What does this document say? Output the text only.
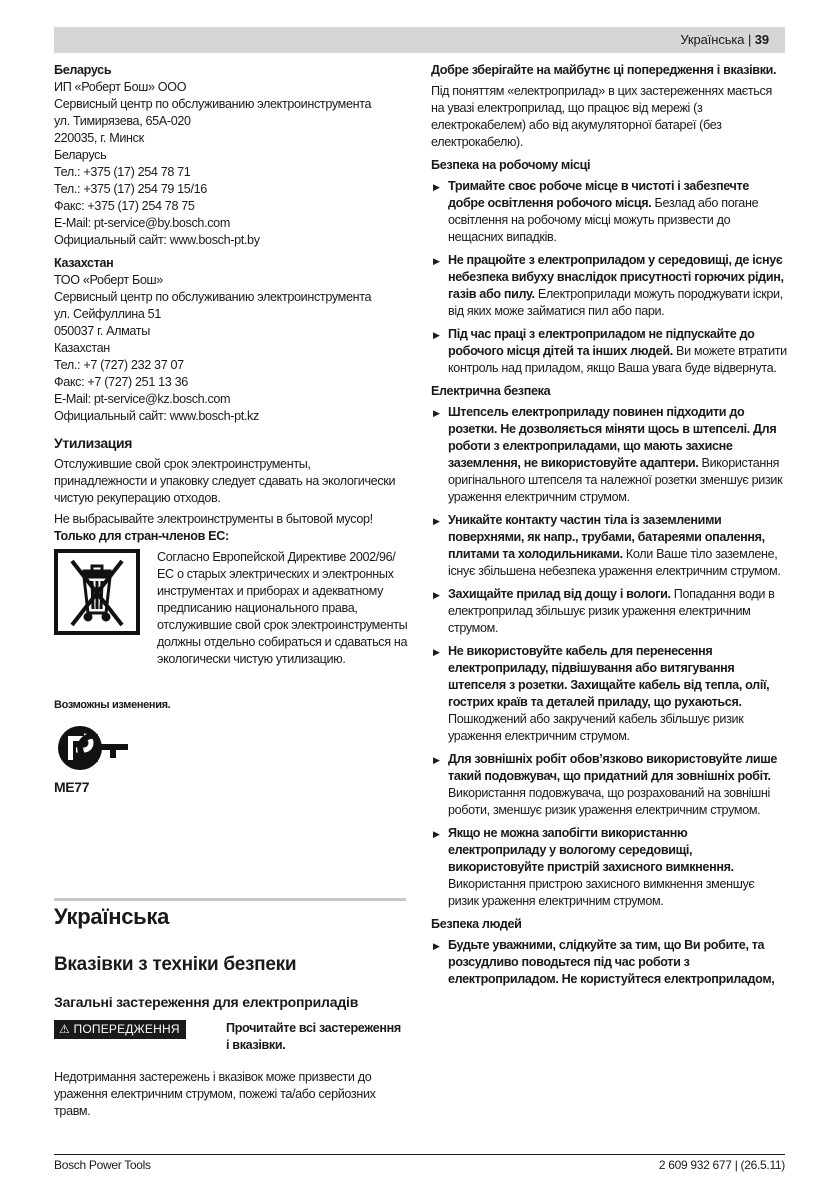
Українська | 39

Беларусь

ИП «Роберт Бош» ООО
Сервисный центр по обслуживанию электроинструмента
ул. Тимирязева, 65А-020
220035, г. Минск
Беларусь
Тел.: +375 (17) 254 78 71
Тел.: +375 (17) 254 79 15/16
Факс: +375 (17) 254 78 75
E-Mail: pt-service@by.bosch.com
Официальный сайт: www.bosch-pt.by

Казахстан

ТОО «Роберт Бош»
Сервисный центр по обслуживанию электроинструмента
ул. Сейфуллина 51
050037 г. Алматы
Казахстан
Тел.: +7 (727) 232 37 07
Факс: +7 (727) 251 13 36
E-Mail: pt-service@kz.bosch.com
Официальный сайт: www.bosch-pt.kz

Утилизация

Отслужившие свой срок электроинструменты, принадлежности и упаковку следует сдавать на экологически чистую рекуперацию отходов.

Не выбрасывайте электроинструменты в бытовой мусор!

Только для стран-членов ЕС:

Согласно Европейской Директиве 2002/96/ЕС о старых электрических и электронных инструментах и приборах и адекватному предписанию национального права, отслужившие свой срок электроинструменты должны отдельно собираться и сдаваться на экологически чистую утилизацию.

Возможны изменения.

ME77
Українська
Вказівки з техніки безпеки
Загальні застереження для електроприладів
⚠ ПОПЕРЕДЖЕННЯ	Прочитайте всі застереження і вказівки.

Недотримання застережень і вказівок може призвести до ураження електричним струмом, пожежі та/або серйозних травм.

Добре зберігайте на майбутнє ці попередження і вказівки.

Під поняттям «електроприлад» в цих застереженнях мається на увазі електроприлад, що працює від мережі (з електрокабелем) або від акумуляторної батареї (без електрокабелю).

Безпека на робочому місці

▶ Тримайте своє робоче місце в чистоті і забезпечте добре освітлення робочого місця. Безлад або погане освітлення на робочому місці можуть призвести до нещасних випадків.

▶ Не працюйте з електроприладом у середовищі, де існує небезпека вибуху внаслідок присутності горючих рідин, газів або пилу. Електроприлади можуть породжувати іскри, від яких може займатися пил або пари.

▶ Під час праці з електроприладом не підпускайте до робочого місця дітей та інших людей. Ви можете втратити контроль над приладом, якщо Ваша увага буде відвернута.

Електрична безпека

▶ Штепсель електроприладу повинен підходити до розетки. Не дозволяється міняти щось в штепселі. Для роботи з електроприладами, що мають захисне заземлення, не використовуйте адаптери. Використання оригінального штепселя та належної розетки зменшує ризик ураження електричним струмом.

▶ Уникайте контакту частин тіла із заземленими поверхнями, як напр., трубами, батареями опалення, плитами та холодильниками. Коли Ваше тіло заземлене, існує збільшена небезпека ураження електричним струмом.

▶ Захищайте прилад від дощу і вологи. Попадання води в електроприлад збільшує ризик ураження електричним струмом.

▶ Не використовуйте кабель для перенесення електроприладу, підвішування або витягування штепселя з розетки. Захищайте кабель від тепла, олії, гострих країв та деталей приладу, що рухаються. Пошкоджений або закручений кабель збільшує ризик ураження електричним струмом.

▶ Для зовнішніх робіт обов’язково використовуйте лише такий подовжувач, що придатний для зовнішніх робіт. Використання подовжувача, що розрахований на зовнішні роботи, зменшує ризик ураження електричним струмом.

▶ Якщо не можна запобігти використанню електроприладу у вологому середовищі, використовуйте пристрій захисного вимкнення. Використання пристрою захисного вимкнення зменшує ризик ураження електричним струмом.

Безпека людей

▶ Будьте уважними, слідкуйте за тим, що Ви робите, та розсудливо поводьтеся під час роботи з електроприладом. Не користуйтеся електроприладом,

Bosch Power Tools	2 609 932 677 | (26.5.11)
